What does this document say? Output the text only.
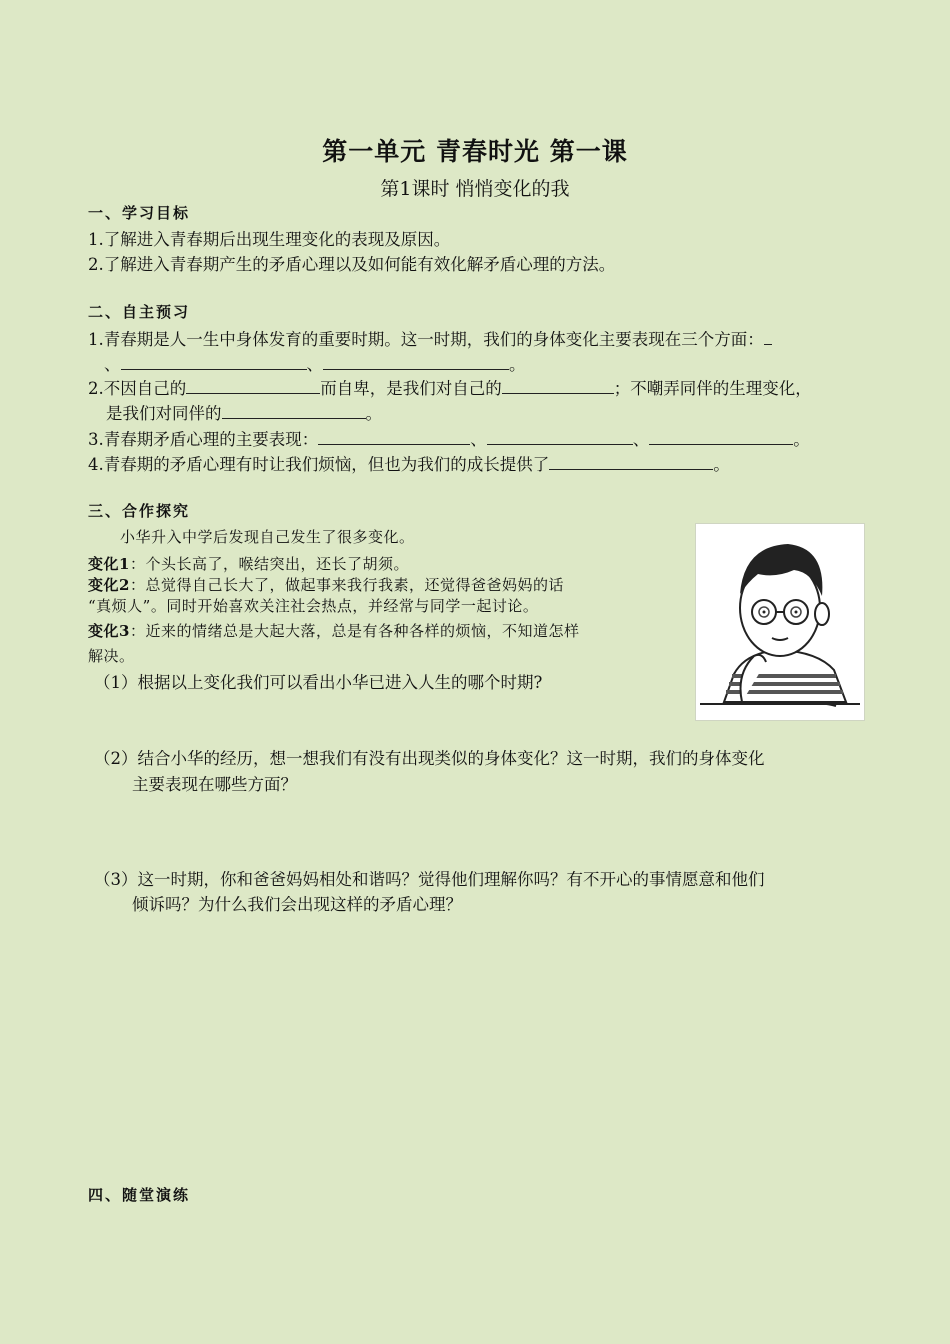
第一单元 青春时光 第一课
第1课时 悄悄变化的我
一、学习目标
1.了解进入青春期后出现生理变化的表现及原因。
2.了解进入青春期产生的矛盾心理以及如何能有效化解矛盾心理的方法。
二、自主预习
1.青春期是人一生中身体发育的重要时期。这一时期，我们的身体变化主要表现在三个方面：
、	、	。
2.不因自己的	而自卑，是我们对自己的	；不嘲弄同伴的生理变化，
是我们对同伴的	。
3.青春期矛盾心理的主要表现：	、	、	。
4.青春期的矛盾心理有时让我们烦恼，但也为我们的成长提供了	。
三、合作探究
小华升入中学后发现自己发生了很多变化。
变化1：个头长高了，喉结突出，还长了胡须。
变化2：总觉得自己长大了，做起事来我行我素，还觉得爸爸妈妈的话
“真烦人”。同时开始喜欢关注社会热点，并经常与同学一起讨论。
变化3：近来的情绪总是大起大落，总是有各种各样的烦恼，不知道怎样
解决。
（1）根据以上变化我们可以看出小华已进入人生的哪个时期?
（2）结合小华的经历，想一想我们有没有出现类似的身体变化？这一时期，我们的身体变化
主要表现在哪些方面？
（3）这一时期，你和爸爸妈妈相处和谐吗？觉得他们理解你吗？有不开心的事情愿意和他们
倾诉吗？为什么我们会出现这样的矛盾心理？
四、随堂演练
